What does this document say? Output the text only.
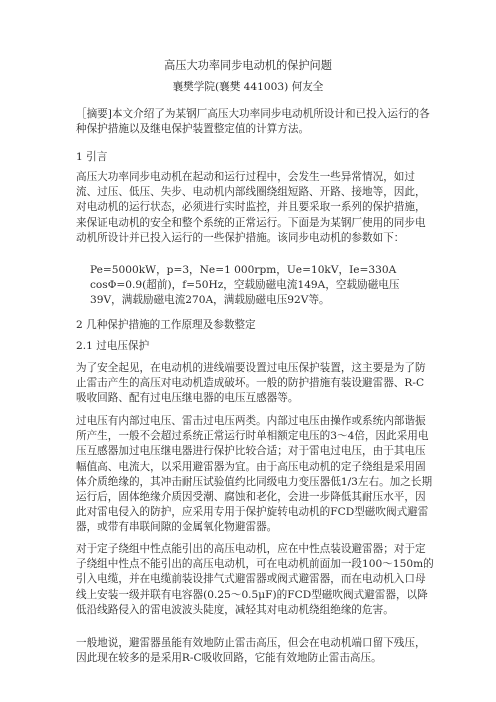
高压大功率同步电动机的保护问题

襄樊学院(襄樊 441003) 何友全

［摘要]本文介绍了为某钢厂高压大功率同步电动机所设计和已投入运行的各种保护措施以及继电保护装置整定值的计算方法。

1 引言

高压大功率同步电动机在起动和运行过程中，会发生一些异常情况，如过流、过压、低压、失步、电动机内部线圈绕组短路、开路、接地等，因此，对电动机的运行状态，必须进行实时监控，并且要采取一系列的保护措施，来保证电动机的安全和整个系统的正常运行。下面是为某钢厂使用的同步电动机所设计并已投入运行的一些保护措施。该同步电动机的参数如下：

Pe=5000kW，p=3，Ne=1 000rpm，Ue=10kV，Ie=330A cosΦ=0.9(超前)，f=50Hz，空载励磁电流149A，空载励磁电压39V，满载励磁电流270A，满载励磁电压92V等。

2 几种保护措施的工作原理及参数整定

2.1 过电压保护

为了安全起见，在电动机的进线端要设置过电压保护装置，这主要是为了防止雷击产生的高压对电动机造成破坏。一般的防护措施有装设避雷器、R-C吸收回路、配有过电压继电器的电压互感器等。

过电压有内部过电压、雷击过电压两类。内部过电压由操作或系统内部谐振所产生，一般不会超过系统正常运行时单相额定电压的3～4倍，因此采用电压互感器加过电压继电器进行保护比较合适；对于雷电过电压，由于其电压幅值高、电流大，以采用避雷器为宜。由于高压电动机的定子绕组是采用固体介质绝缘的，其冲击耐压试验值约比同级电力变压器低1/3左右。加之长期运行后，固体绝缘介质因受潮、腐蚀和老化，会进一步降低其耐压水平，因此对雷电侵入的防护，应采用专用于保护旋转电动机的FCD型磁吹阀式避雷器，或带有串联间隙的金属氧化物避雷器。

对于定子绕组中性点能引出的高压电动机，应在中性点装设避雷器；对于定子绕组中性点不能引出的高压电动机，可在电动机前面加一段100～150m的引入电缆，并在电缆前装设排气式避雷器或阀式避雷器，而在电动机入口母线上安装一级并联有电容器(0.25～0.5μF)的FCD型磁吹阀式避雷器，以降低沿线路侵入的雷电波波头陡度，减轻其对电动机绕组绝缘的危害。

一般地说，避雷器虽能有效地防止雷击高压，但会在电动机端口留下残压，因此现在较多的是采用R-C吸收回路，它能有效地防止雷击高压。
